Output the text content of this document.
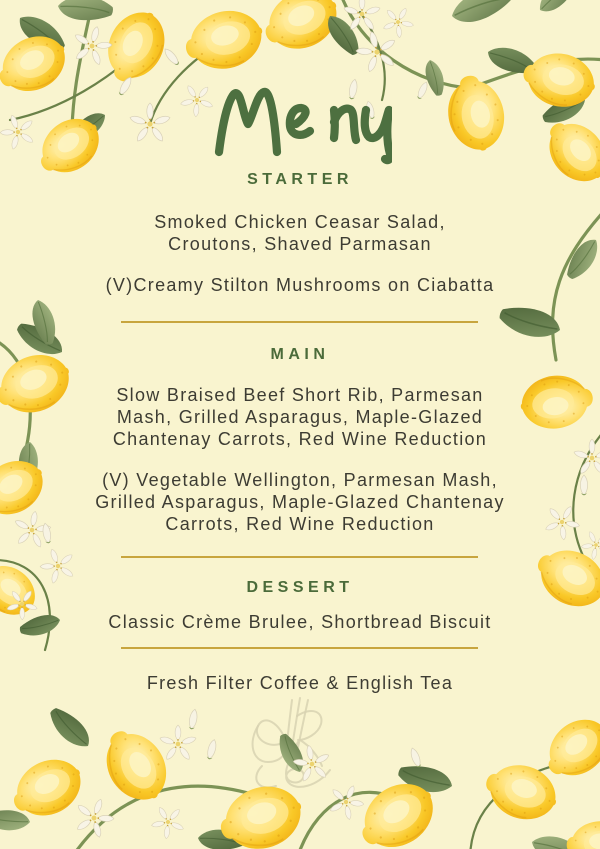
STARTER
Smoked Chicken Ceasar Salad,
Croutons, Shaved Parmasan
(V)Creamy Stilton Mushrooms on Ciabatta
MAIN
Slow Braised Beef Short Rib, Parmesan
Mash, Grilled Asparagus, Maple-Glazed
Chantenay Carrots, Red Wine Reduction
(V) Vegetable Wellington, Parmesan Mash,
Grilled Asparagus, Maple-Glazed Chantenay
Carrots, Red Wine Reduction
DESSERT
Classic Crème Brulee, Shortbread Biscuit
Fresh Filter Coffee & English Tea
